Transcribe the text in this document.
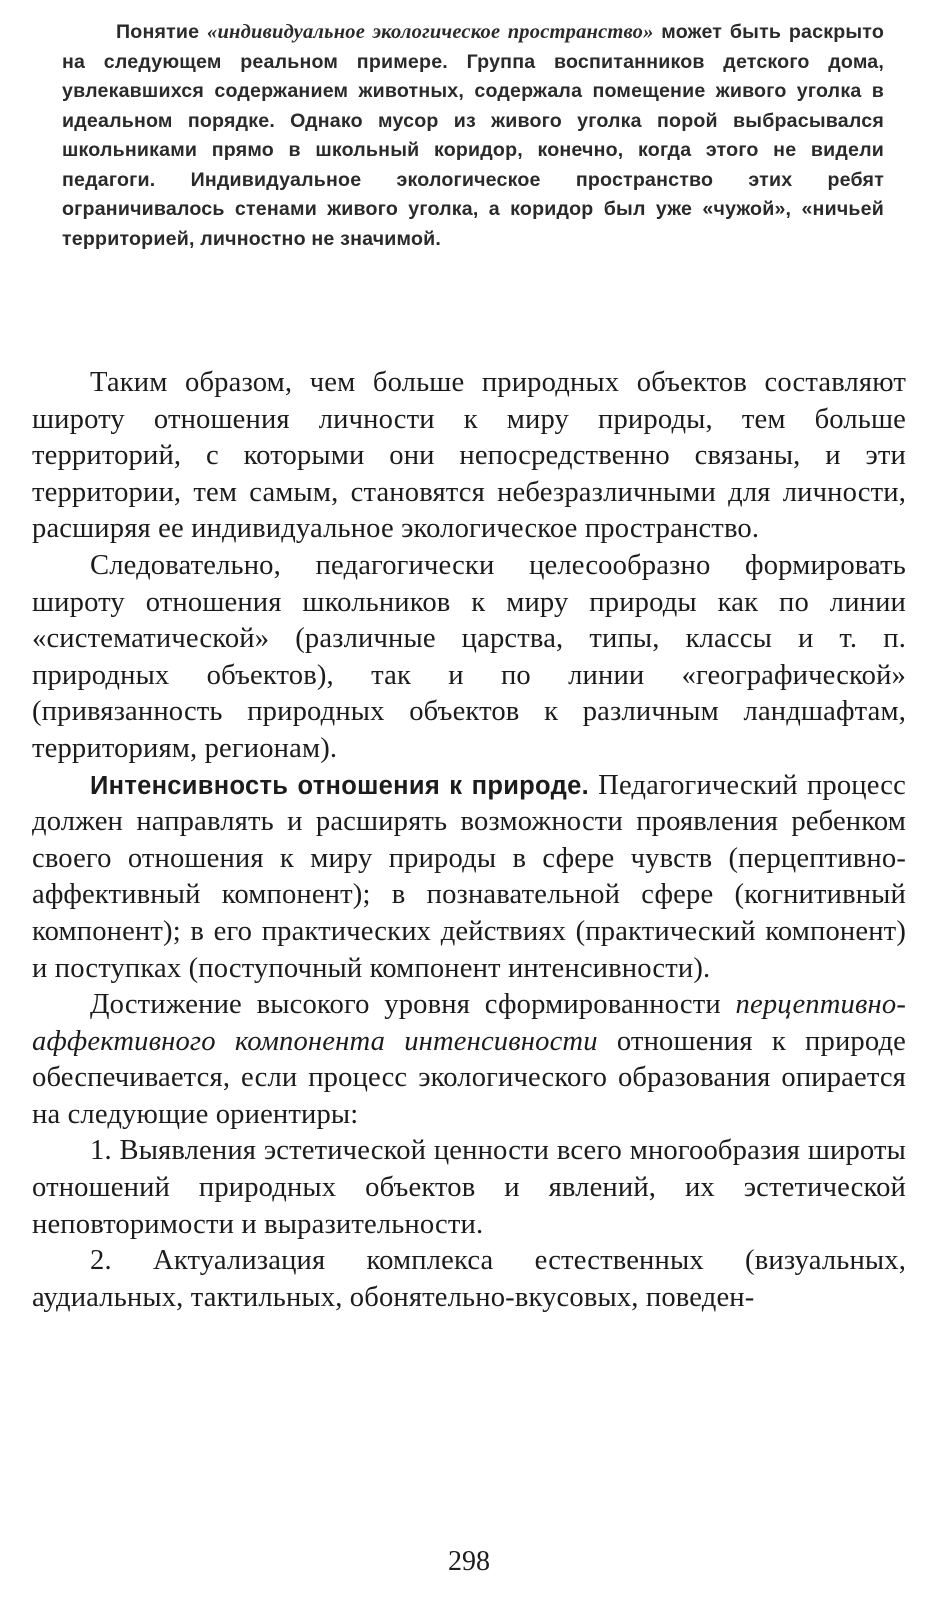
Понятие «индивидуальное экологическое пространство» может быть раскрыто на следующем реальном примере. Группа воспитанников детского дома, увлекавшихся содержанием животных, содержала помещение живого уголка в идеальном порядке. Однако мусор из живого уголка порой выбрасывался школьниками прямо в школьный коридор, конечно, когда этого не видели педагоги. Индивидуальное экологическое пространство этих ребят ограничивалось стенами живого уголка, а коридор был уже «чужой», «ничьей территорией, личностно не значимой.

Таким образом, чем больше природных объектов составляют широту отношения личности к миру природы, тем больше территорий, с которыми они непосредственно связаны, и эти территории, тем самым, становятся небезразличными для личности, расширяя ее индивидуальное экологическое пространство.

Следовательно, педагогически целесообразно формировать широту отношения школьников к миру природы как по линии «систематической» (различные царства, типы, классы и т. п. природных объектов), так и по линии «географической» (привязанность природных объектов к различным ландшафтам, территориям, регионам).

Интенсивность отношения к природе. Педагогический процесс должен направлять и расширять возможности проявления ребенком своего отношения к миру природы в сфере чувств (перцептивно-аффективный компонент); в познавательной сфере (когнитивный компонент); в его практических действиях (практический компонент) и поступках (поступочный компонент интенсивности).

Достижение высокого уровня сформированности перцептивно-аффективного компонента интенсивности отношения к природе обеспечивается, если процесс экологического образования опирается на следующие ориентиры:

1. Выявления эстетической ценности всего многообразия широты отношений природных объектов и явлений, их эстетической неповторимости и выразительности.

2. Актуализация комплекса естественных (визуальных, аудиальных, тактильных, обонятельно-вкусовых, поведен-

298
